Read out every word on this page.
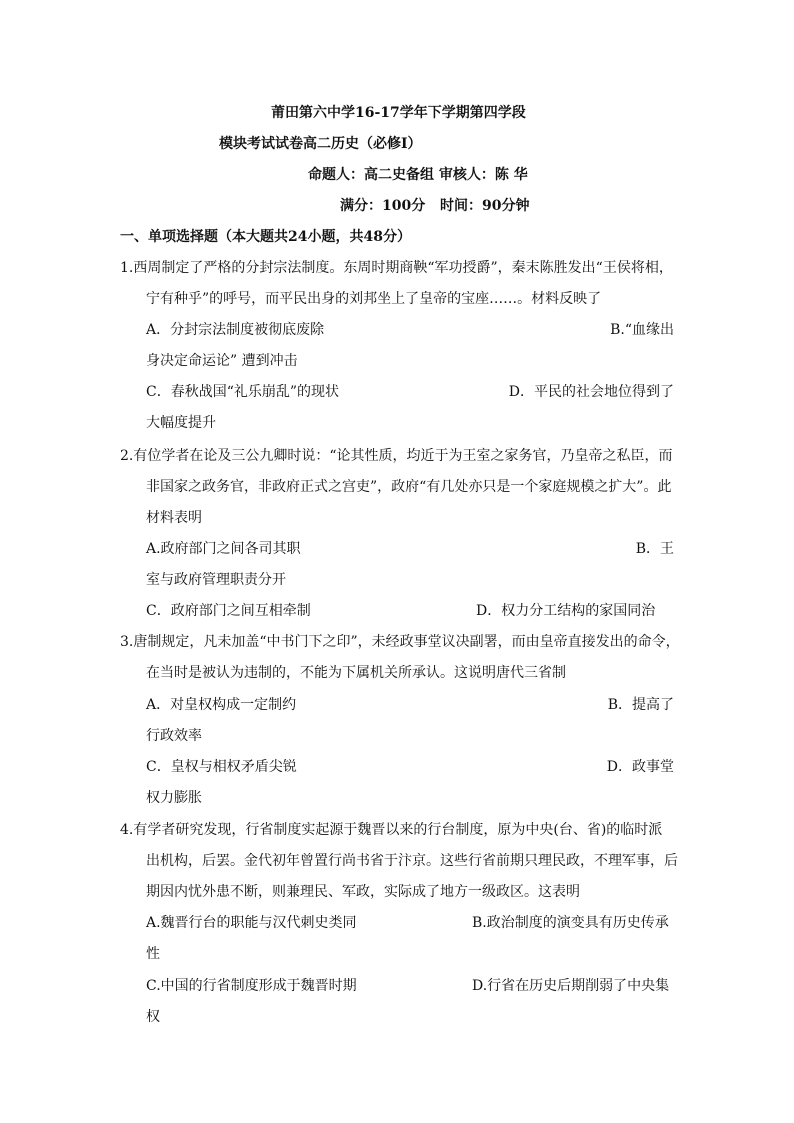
莆田第六中学16-17学年下学期第四学段
模块考试试卷高二历史（必修Ⅰ）
命题人：高二史备组 审核人：陈 华
满分：100分 时间：90分钟
一、单项选择题（本大题共24小题，共48分）
1.西周制定了严格的分封宗法制度。东周时期商鞅“军功授爵”，秦末陈胜发出“王侯将相，
宁有种乎”的呼号，而平民出身的刘邦坐上了皇帝的宝座……。材料反映了
A．分封宗法制度被彻底废除	B.“血缘出
身决定命运论” 遭到冲击
C．春秋战国“礼乐崩乱”的现状	D．平民的社会地位得到了
大幅度提升
2.有位学者在论及三公九卿时说：“论其性质，均近于为王室之家务官，乃皇帝之私臣，而
非国家之政务官，非政府正式之宫吏”，政府“有几处亦只是一个家庭规模之扩大”。此
材料表明
A.政府部门之间各司其职	B．王
室与政府管理职责分开
C．政府部门之间互相牵制	D．权力分工结构的家国同治
3.唐制规定，凡未加盖“中书门下之印”，未经政事堂议决副署，而由皇帝直接发出的命令，
在当时是被认为违制的，不能为下属机关所承认。这说明唐代三省制
A．对皇权构成一定制约	B．提高了
行政效率
C．皇权与相权矛盾尖锐	D．政事堂
权力膨胀
4.有学者研究发现，行省制度实起源于魏晋以来的行台制度，原为中央(台、省)的临时派
出机构，后罢。金代初年曾置行尚书省于汴京。这些行省前期只理民政，不理军事，后
期因内忧外患不断，则兼理民、军政，实际成了地方一级政区。这表明
A.魏晋行台的职能与汉代刺史类同	B.政治制度的演变具有历史传承
性
C.中国的行省制度形成于魏晋时期	D.行省在历史后期削弱了中央集
权
